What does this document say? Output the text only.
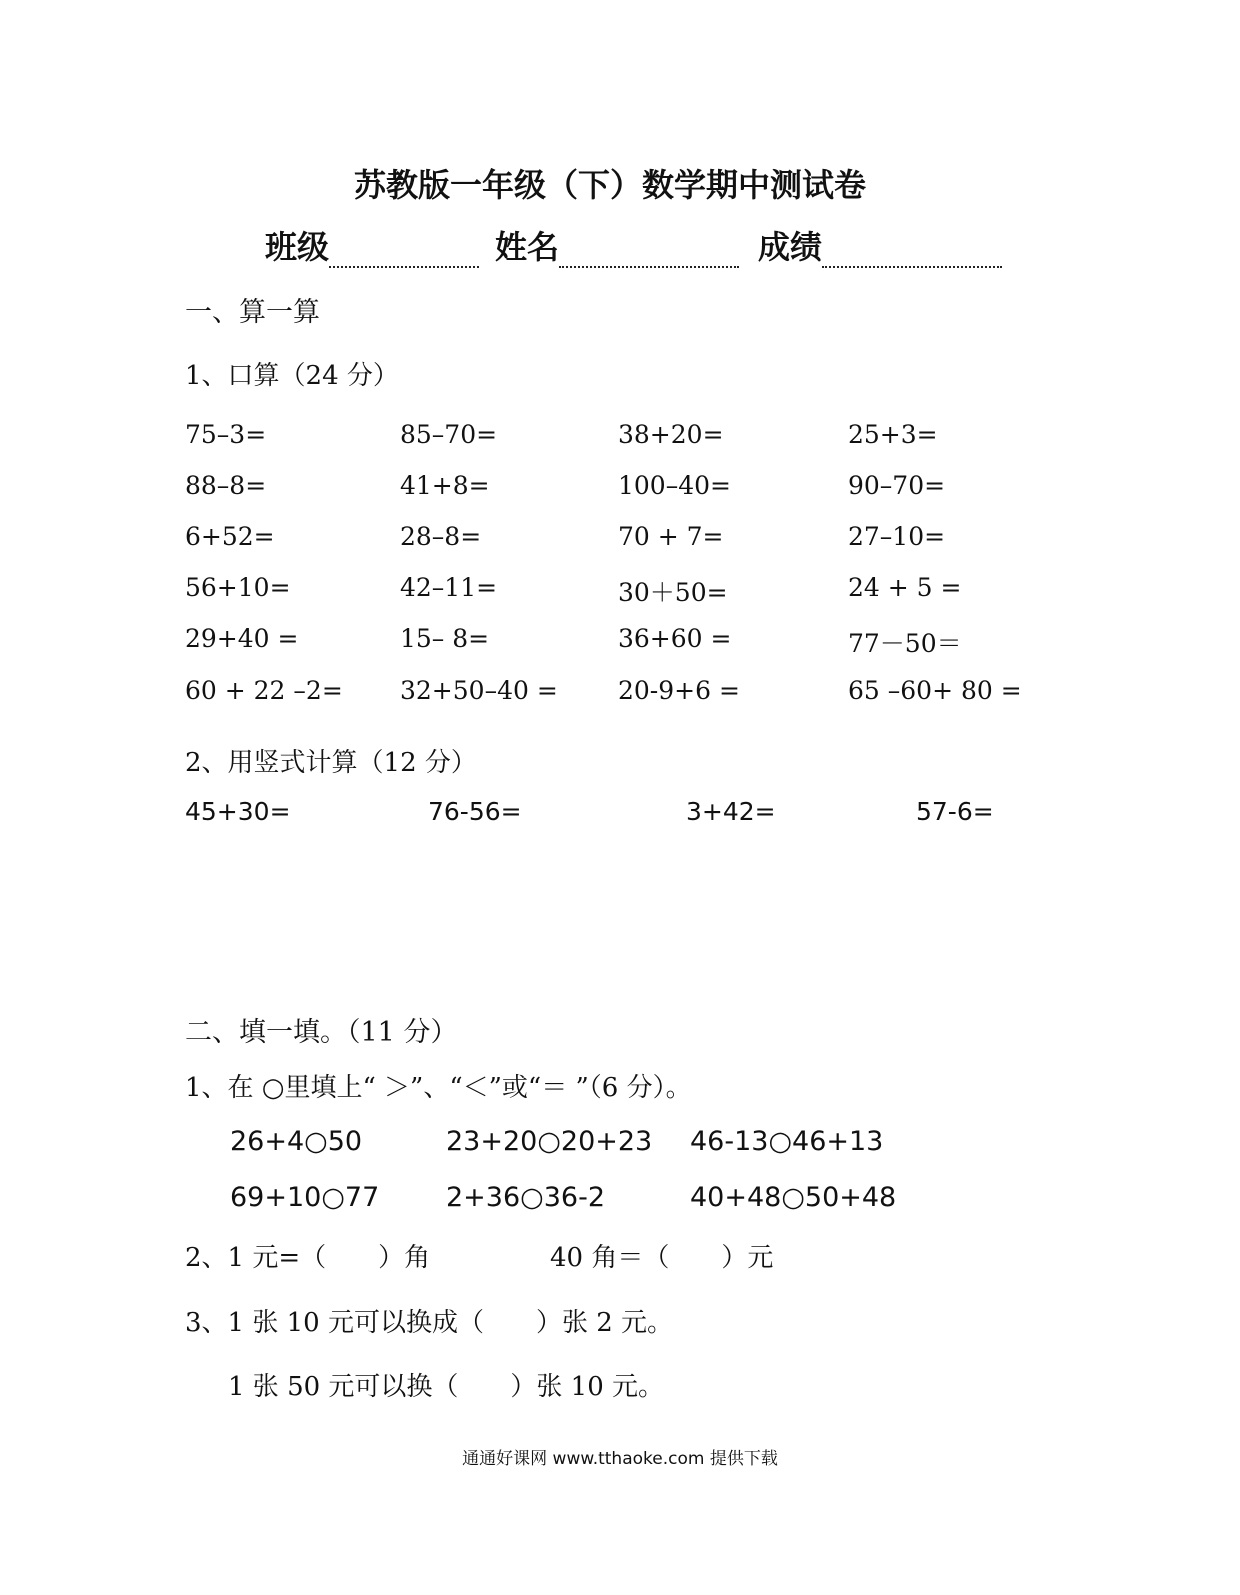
苏教版一年级（下）数学期中测试卷
班级	姓名	成绩
一、算一算
1、口算（24 分）
75–3=	85–70=	38+20=	25+3=
88–8=	41+8=	100–40=	90–70=
6+52=	28–8=	70 + 7=	27–10=
56+10=	42–11=	30＋50=	24 + 5 =
29+40 =	15– 8=	36+60 =	77－50＝
60 + 22 –2= 32+50–40 = 20-9+6 =	65 –60+ 80 =
2、用竖式计算（12 分）
45+30=	76-56=	3+42=	57-6=
二、填一填。（11 分）
1、在 ○里填上“ ＞”、“＜”或“＝ ”（6 分）。
26+4○50	23+20○20+23 46-13○46+13
69+10○77 2+36○36-2	40+48○50+48
2、1 元=（　　）角	40 角＝（　　）元
3、1 张 10 元可以换成（　　）张 2 元。
1 张 50 元可以换（　　）张 10 元。
通通好课网 www.tthaoke.com 提供下载
